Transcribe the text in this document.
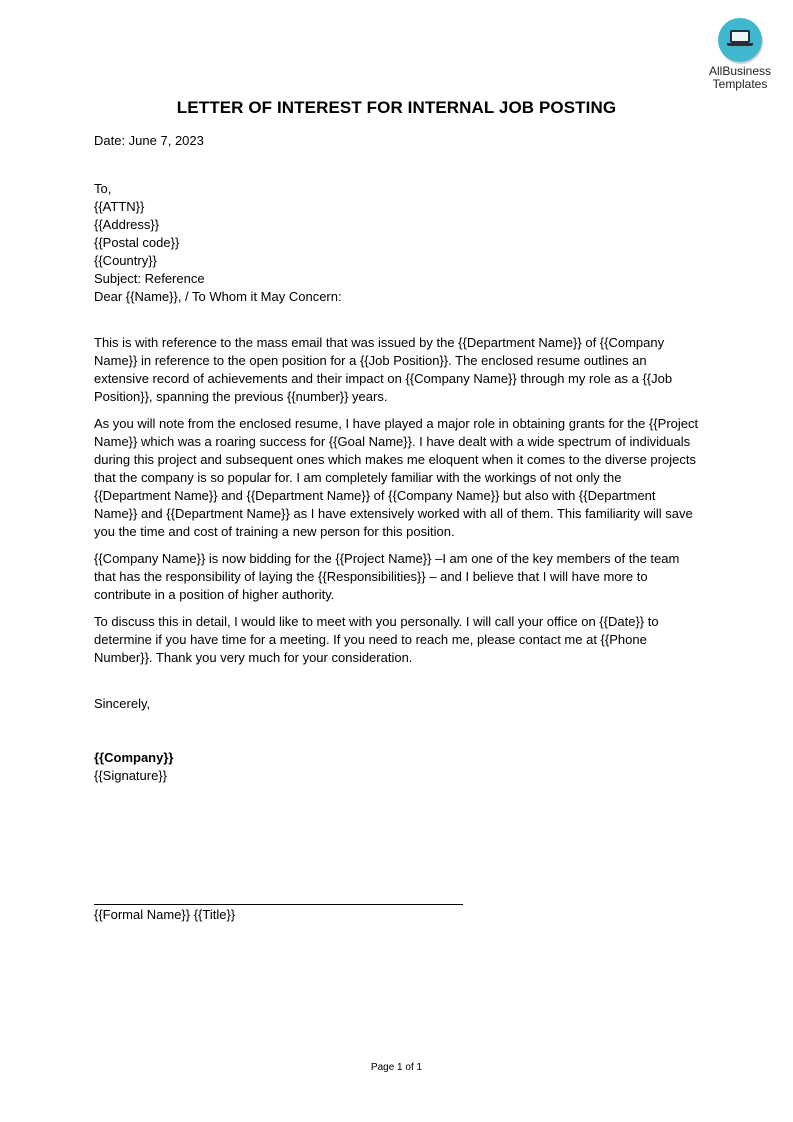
AllBusiness
Templates
LETTER OF INTEREST FOR INTERNAL JOB POSTING

Date: June 7, 2023

To,

{{ATTN}}

{{Address}}

{{Postal code}}

{{Country}}

Subject: Reference

Dear {{Name}}, / To Whom it May Concern:

This is with reference to the mass email that was issued by the {{Department Name}} of {{Company Name}} in reference to the open position for a {{Job Position}}. The enclosed resume outlines an extensive record of achievements and their impact on {{Company Name}} through my role as a {{Job Position}}, spanning the previous {{number}} years.

As you will note from the enclosed resume, I have played a major role in obtaining grants for the {{Project Name}} which was a roaring success for {{Goal Name}}. I have dealt with a wide spectrum of individuals during this project and subsequent ones which makes me eloquent when it comes to the diverse projects that the company is so popular for. I am completely familiar with the workings of not only the {{Department Name}} and {{Department Name}} of {{Company Name}} but also with {{Department Name}} and {{Department Name}} as I have extensively worked with all of them. This familiarity will save you the time and cost of training a new person for this position.

{{Company Name}} is now bidding for the {{Project Name}} –I am one of the key members of the team that has the responsibility of laying the {{Responsibilities}} – and I believe that I will have more to contribute in a position of higher authority.

To discuss this in detail, I would like to meet with you personally. I will call your office on {{Date}} to determine if you have time for a meeting. If you need to reach me, please contact me at {{Phone Number}}. Thank you very much for your consideration.

Sincerely,

{{Company}}

{{Signature}}

{{Formal Name}} {{Title}}
Page 1 of 1
